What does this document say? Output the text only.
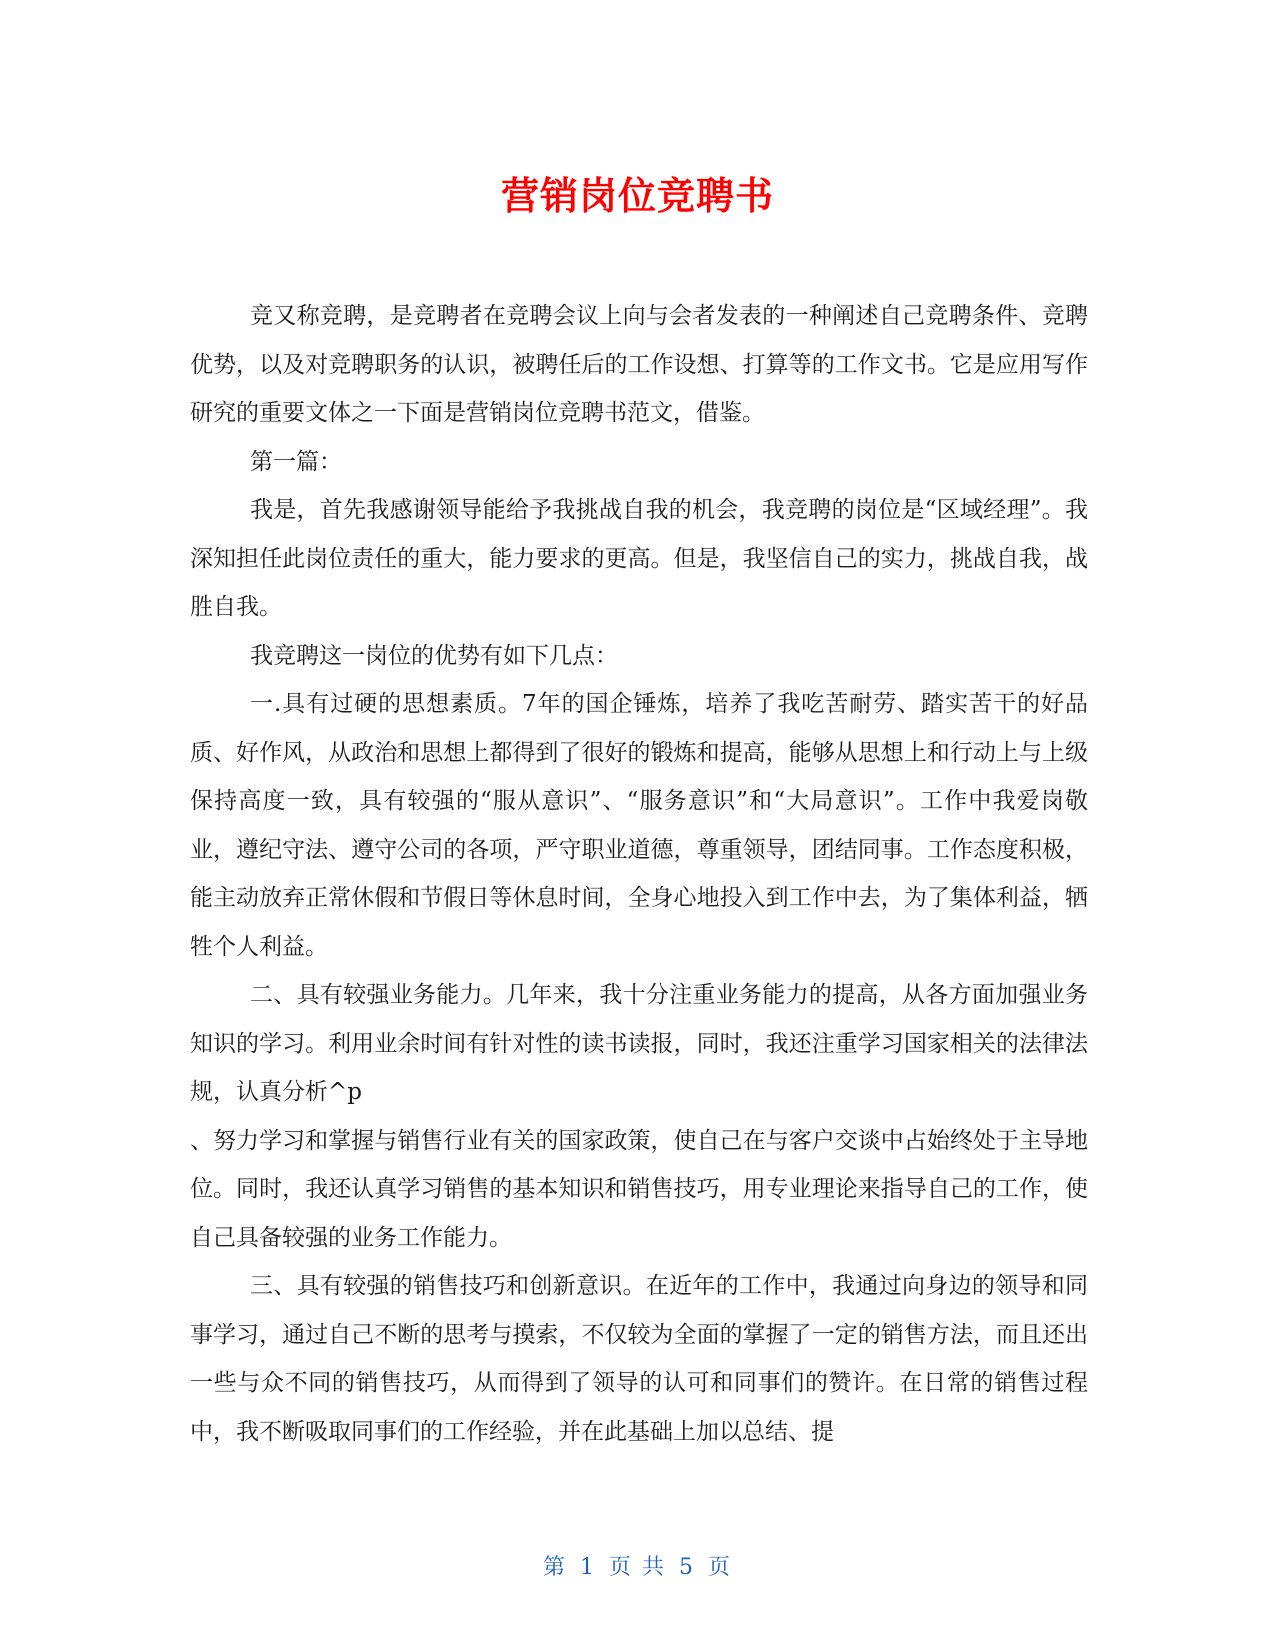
营销岗位竞聘书

竞又称竞聘，是竞聘者在竞聘会议上向与会者发表的一种阐述自己竞聘条件、竞聘优势，以及对竞聘职务的认识，被聘任后的工作设想、打算等的工作文书。它是应用写作研究的重要文体之一下面是营销岗位竞聘书范文，借鉴。

第一篇：

我是，首先我感谢领导能给予我挑战自我的机会，我竞聘的岗位是“区域经理”。我深知担任此岗位责任的重大，能力要求的更高。但是，我坚信自己的实力，挑战自我，战胜自我。

我竞聘这一岗位的优势有如下几点：

一.具有过硬的思想素质。7年的国企锤炼，培养了我吃苦耐劳、踏实苦干的好品质、好作风，从政治和思想上都得到了很好的锻炼和提高，能够从思想上和行动上与上级保持高度一致，具有较强的“服从意识”、“服务意识”和“大局意识”。工作中我爱岗敬业，遵纪守法、遵守公司的各项，严守职业道德，尊重领导，团结同事。工作态度积极，能主动放弃正常休假和节假日等休息时间，全身心地投入到工作中去，为了集体利益，牺牲个人利益。

二、具有较强业务能力。几年来，我十分注重业务能力的提高，从各方面加强业务知识的学习。利用业余时间有针对性的读书读报，同时，我还注重学习国家相关的法律法规，认真分析^p

、努力学习和掌握与销售行业有关的国家政策，使自己在与客户交谈中占始终处于主导地位。同时，我还认真学习销售的基本知识和销售技巧，用专业理论来指导自己的工作，使自己具备较强的业务工作能力。

三、具有较强的销售技巧和创新意识。在近年的工作中，我通过向身边的领导和同事学习，通过自己不断的思考与摸索，不仅较为全面的掌握了一定的销售方法，而且还出一些与众不同的销售技巧，从而得到了领导的认可和同事们的赞许。在日常的销售过程中，我不断吸取同事们的工作经验，并在此基础上加以总结、提

第 1 页 共 5 页
